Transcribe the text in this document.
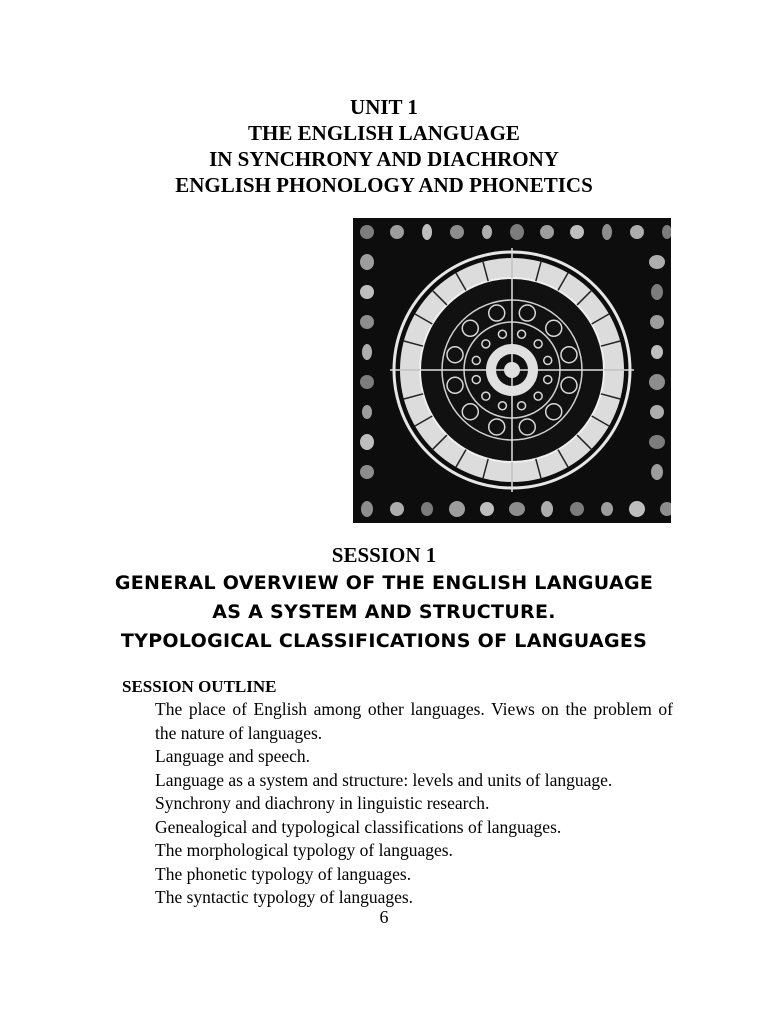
UNIT 1
THE ENGLISH LANGUAGE
IN SYNCHRONY AND DIACHRONY
ENGLISH PHONOLOGY AND PHONETICS
SESSION 1
GENERAL OVERVIEW OF THE ENGLISH LANGUAGE
AS A SYSTEM AND STRUCTURE.
TYPOLOGICAL CLASSIFICATIONS OF LANGUAGES
SESSION OUTLINE
The place of English among other languages. Views on the problem of the nature of languages.
Language and speech.
Language as a system and structure: levels and units of language.
Synchrony and diachrony in linguistic research.
Genealogical and typological classifications of languages.
The morphological typology of languages.
The phonetic typology of languages.
The syntactic typology of languages.
6
